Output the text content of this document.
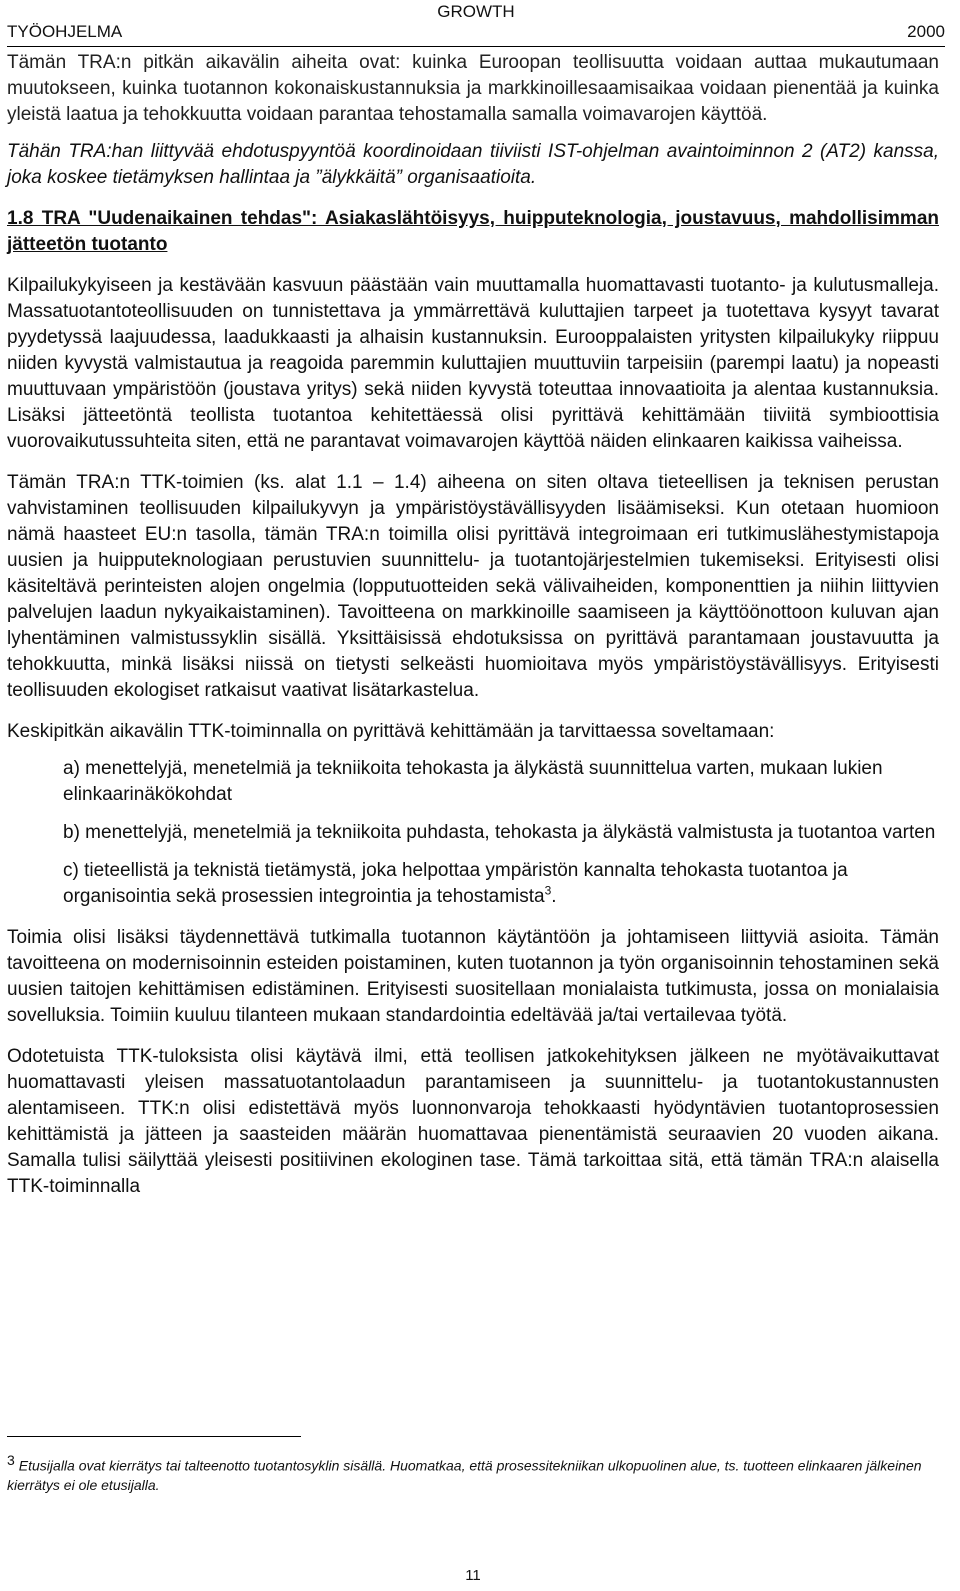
TYÖOHJELMA
GROWTH
2000

Tämän TRA:n pitkän aikavälin aiheita ovat: kuinka Euroopan teollisuutta voidaan auttaa mukautumaan muutokseen, kuinka tuotannon kokonaiskustannuksia ja markkinoillesaamisaikaa voidaan pienentää ja kuinka yleistä laatua ja tehokkuutta voidaan parantaa tehostamalla samalla voimavarojen käyttöä.

Tähän TRA:han liittyvää ehdotuspyyntöä koordinoidaan tiiviisti IST-ohjelman avaintoiminnon 2 (AT2) kanssa, joka koskee tietämyksen hallintaa ja ”älykkäitä” organisaatioita.

1.8 TRA "Uudenaikainen tehdas": Asiakaslähtöisyys, huipputeknologia, joustavuus, mahdollisimman jätteetön tuotanto

Kilpailukykyiseen ja kestävään kasvuun päästään vain muuttamalla huomattavasti tuotanto- ja kulutusmalleja. Massatuotantoteollisuuden on tunnistettava ja ymmärrettävä kuluttajien tarpeet ja tuotettava kysyyt tavarat pyydetyssä laajuudessa, laadukkaasti ja alhaisin kustannuksin. Eurooppalaisten yritysten kilpailukyky riippuu niiden kyvystä valmistautua ja reagoida paremmin kuluttajien muuttuviin tarpeisiin (parempi laatu) ja nopeasti muuttuvaan ympäristöön (joustava yritys) sekä niiden kyvystä toteuttaa innovaatioita ja alentaa kustannuksia. Lisäksi jätteetöntä teollista tuotantoa kehitettäessä olisi pyrittävä kehittämään tiiviitä symbioottisia vuorovaikutussuhteita siten, että ne parantavat voimavarojen käyttöä näiden elinkaaren kaikissa vaiheissa.

Tämän TRA:n TTK-toimien (ks. alat 1.1 – 1.4) aiheena on siten oltava tieteellisen ja teknisen perustan vahvistaminen teollisuuden kilpailukyvyn ja ympäristöystävällisyyden lisäämiseksi. Kun otetaan huomioon nämä haasteet EU:n tasolla, tämän TRA:n toimilla olisi pyrittävä integroimaan eri tutkimuslähestymistapoja uusien ja huipputeknologiaan perustuvien suunnittelu- ja tuotantojärjestelmien tukemiseksi. Erityisesti olisi käsiteltävä perinteisten alojen ongelmia (lopputuotteiden sekä välivaiheiden, komponenttien ja niihin liittyvien palvelujen laadun nykyaikaistaminen). Tavoitteena on markkinoille saamiseen ja käyttöönottoon kuluvan ajan lyhentäminen valmistussyklin sisällä. Yksittäisissä ehdotuksissa on pyrittävä parantamaan joustavuutta ja tehokkuutta, minkä lisäksi niissä on tietysti selkeästi huomioitava myös ympäristöystävällisyys. Erityisesti teollisuuden ekologiset ratkaisut vaativat lisätarkastelua.

Keskipitkän aikavälin TTK-toiminnalla on pyrittävä kehittämään ja tarvittaessa soveltamaan:

a) menettelyjä, menetelmiä ja tekniikoita tehokasta ja älykästä suunnittelua varten, mukaan lukien elinkaarinäkökohdat

b) menettelyjä, menetelmiä ja tekniikoita puhdasta, tehokasta ja älykästä valmistusta ja tuotantoa varten

c) tieteellistä ja teknistä tietämystä, joka helpottaa ympäristön kannalta tehokasta tuotantoa ja organisointia sekä prosessien integrointia ja tehostamista$^3$.

Toimia olisi lisäksi täydennettävä tutkimalla tuotannon käytäntöön ja johtamiseen liittyviä asioita. Tämän tavoitteena on modernisoinnin esteiden poistaminen, kuten tuotannon ja työn organisoinnin tehostaminen sekä uusien taitojen kehittämisen edistäminen. Erityisesti suositellaan monialaista tutkimusta, jossa on monialaisia sovelluksia. Toimiin kuuluu tilanteen mukaan standardointia edeltävää ja/tai vertailevaa työtä.

Odotetuista TTK-tuloksista olisi käytävä ilmi, että teollisen jatkokehityksen jälkeen ne myötävaikuttavat huomattavasti yleisen massatuotantolaadun parantamiseen ja suunnittelu- ja tuotantokustannusten alentamiseen. TTK:n olisi edistettävä myös luonnonvaroja tehokkaasti hyödyntävien tuotantoprosessien kehittämistä ja jätteen ja saasteiden määrän huomattavaa pienentämistä seuraavien 20 vuoden aikana. Samalla tulisi säilyttää yleisesti positiivinen ekologinen tase. Tämä tarkoittaa sitä, että tämän TRA:n alaisella TTK-toiminnalla

3 Etusijalla ovat kierrätys tai talteenotto tuotantosyklin sisällä. Huomatkaa, että prosessitekniikan ulkopuolinen alue, ts. tuotteen elinkaaren jälkeinen kierrätys ei ole etusijalla.
11
